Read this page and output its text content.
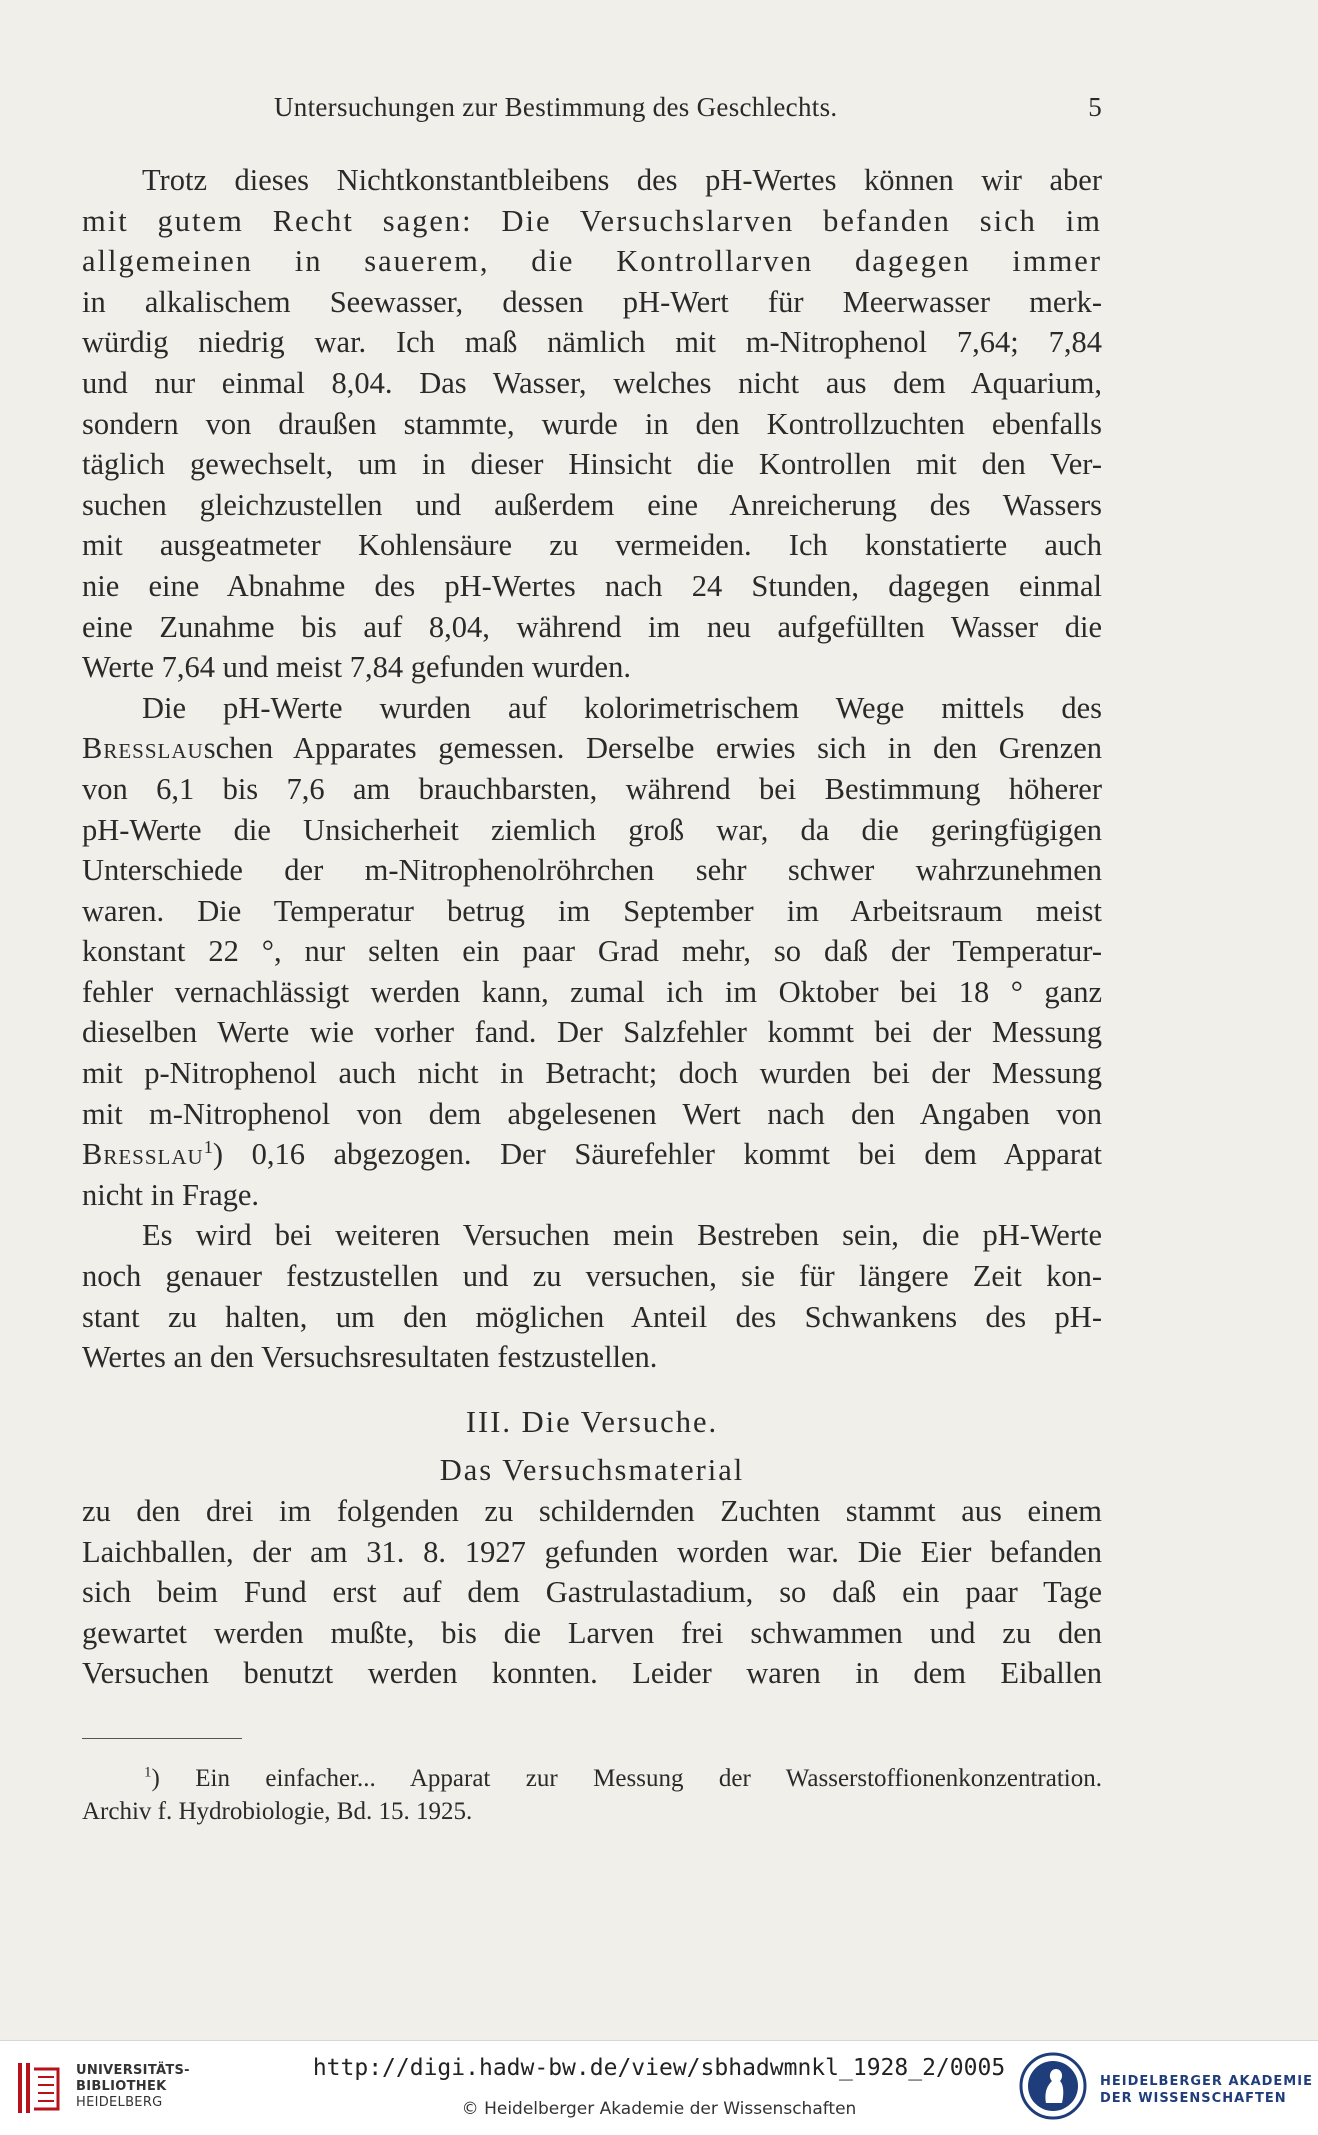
Untersuchungen zur Bestimmung des Geschlechts.	5
Trotz dieses Nichtkonstantbleibens des pH-Wertes können wir aber
mit gutem Recht sagen: Die Versuchslarven befanden sich im
allgemeinen in sauerem, die Kontrollarven dagegen immer
in alkalischem Seewasser, dessen pH-Wert für Meerwasser merk-
würdig niedrig war. Ich maß nämlich mit m-Nitrophenol 7,64; 7,84
und nur einmal 8,04. Das Wasser, welches nicht aus dem Aquarium,
sondern von draußen stammte, wurde in den Kontrollzuchten ebenfalls
täglich gewechselt, um in dieser Hinsicht die Kontrollen mit den Ver-
suchen gleichzustellen und außerdem eine Anreicherung des Wassers
mit ausgeatmeter Kohlensäure zu vermeiden. Ich konstatierte auch
nie eine Abnahme des pH-Wertes nach 24 Stunden, dagegen einmal
eine Zunahme bis auf 8,04, während im neu aufgefüllten Wasser die
Werte 7,64 und meist 7,84 gefunden wurden.
Die pH-Werte wurden auf kolorimetrischem Wege mittels des
Bresslauschen Apparates gemessen. Derselbe erwies sich in den Grenzen
von 6,1 bis 7,6 am brauchbarsten, während bei Bestimmung höherer
pH-Werte die Unsicherheit ziemlich groß war, da die geringfügigen
Unterschiede der m-Nitrophenolröhrchen sehr schwer wahrzunehmen
waren. Die Temperatur betrug im September im Arbeitsraum meist
konstant 22 °, nur selten ein paar Grad mehr, so daß der Temperatur-
fehler vernachlässigt werden kann, zumal ich im Oktober bei 18 ° ganz
dieselben Werte wie vorher fand. Der Salzfehler kommt bei der Messung
mit p-Nitrophenol auch nicht in Betracht; doch wurden bei der Messung
mit m-Nitrophenol von dem abgelesenen Wert nach den Angaben von
Bresslau$^1$) 0,16 abgezogen. Der Säurefehler kommt bei dem Apparat
nicht in Frage.
Es wird bei weiteren Versuchen mein Bestreben sein, die pH-Werte
noch genauer festzustellen und zu versuchen, sie für längere Zeit kon-
stant zu halten, um den möglichen Anteil des Schwankens des pH-
Wertes an den Versuchsresultaten festzustellen.
III. Die Versuche.
Das Versuchsmaterial
zu den drei im folgenden zu schildernden Zuchten stammt aus einem
Laichballen, der am 31. 8. 1927 gefunden worden war. Die Eier befanden
sich beim Fund erst auf dem Gastrulastadium, so daß ein paar Tage
gewartet werden mußte, bis die Larven frei schwammen und zu den
Versuchen benutzt werden konnten. Leider waren in dem Eiballen
$^1$) Ein einfacher... Apparat zur Messung der Wasserstoffionenkonzentration.
Archiv f. Hydrobiologie, Bd. 15. 1925.
UNIVERSITÄTS-
BIBLIOTHEK
HEIDELBERG
http://digi.hadw-bw.de/view/sbhadwmnkl_1928_2/0005
© Heidelberger Akademie der Wissenschaften
HEIDELBERGER AKADEMIE
DER WISSENSCHAFTEN
